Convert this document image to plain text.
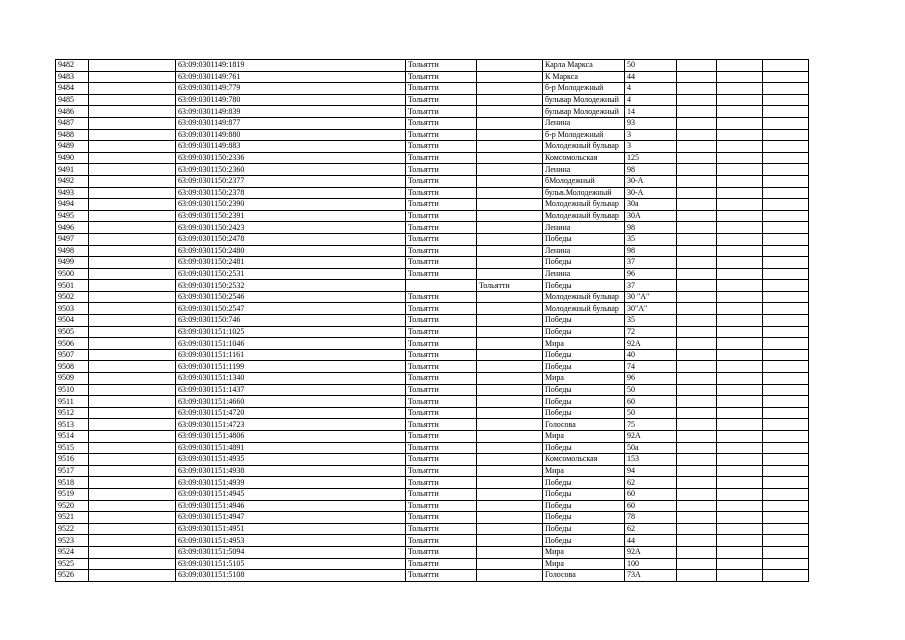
9482		63:09:0301149:1819	Тольятти		Карла Маркса	50			
9483		63:09:0301149:761	Тольятти		К Маркса	44			
9484		63:09:0301149:779	Тольятти		б-р Молодежный	4			
9485		63:09:0301149:780	Тольятти		бульвар Молодежный	4			
9486		63:09:0301149:839	Тольятти		бульвар Молодежный	14			
9487		63:09:0301149:877	Тольятти		Ленина	93			
9488		63:09:0301149:880	Тольятти		б-р Молодежный	3			
9489		63:09:0301149:883	Тольятти		Молодежный бульвар	3			
9490		63:09:0301150:2336	Тольятти		Комсомольская	125			
9491		63:09:0301150:2360	Тольятти		Ленина	98			
9492		63:09:0301150:2377	Тольятти		бМолодежный	30-А			
9493		63:09:0301150:2378	Тольятти		бульв.Молодежный	30-А			
9494		63:09:0301150:2390	Тольятти		Молодежный бульвар	30а			
9495		63:09:0301150:2391	Тольятти		Молодежный бульвар	30А			
9496		63:09:0301150:2423	Тольятти		Ленина	98			
9497		63:09:0301150:2478	Тольятти		Победы	35			
9498		63:09:0301150:2480	Тольятти		Ленина	98			
9499		63:09:0301150:2481	Тольятти		Победы	37			
9500		63:09:0301150:2531	Тольятти		Ленина	96			
9501		63:09:0301150:2532		Тольятти	Победы	37			
9502		63:09:0301150:2546	Тольятти		Молодежный бульвар	30 "А"			
9503		63:09:0301150:2547	Тольятти		Молодежный бульвар	30"А"			
9504		63:09:0301150:746	Тольятти		Победы	35			
9505		63:09:0301151:1025	Тольятти		Победы	72			
9506		63:09:0301151:1046	Тольятти		Мира	92А			
9507		63:09:0301151:1161	Тольятти		Победы	40			
9508		63:09:0301151:1199	Тольятти		Победы	74			
9509		63:09:0301151:1340	Тольятти		Мира	96			
9510		63:09:0301151:1437	Тольятти		Победы	50			
9511		63:09:0301151:4660	Тольятти		Победы	60			
9512		63:09:0301151:4720	Тольятти		Победы	50			
9513		63:09:0301151:4723	Тольятти		Голосова	75			
9514		63:09:0301151:4806	Тольятти		Мира	92А			
9515		63:09:0301151:4891	Тольятти		Победы	50а			
9516		63:09:0301151:4935	Тольятти		Комсомольская	153			
9517		63:09:0301151:4938	Тольятти		Мира	94			
9518		63:09:0301151:4939	Тольятти		Победы	62			
9519		63:09:0301151:4945	Тольятти		Победы	60			
9520		63:09:0301151:4946	Тольятти		Победы	60			
9521		63:09:0301151:4947	Тольятти		Победы	78			
9522		63:09:0301151:4951	Тольятти		Победы	62			
9523		63:09:0301151:4953	Тольятти		Победы	44			
9524		63:09:0301151:5094	Тольятти		Мира	92А			
9525		63:09:0301151:5105	Тольятти		Мира	100			
9526		63:09:0301151:5108	Тольятти		Голосова	73А			
